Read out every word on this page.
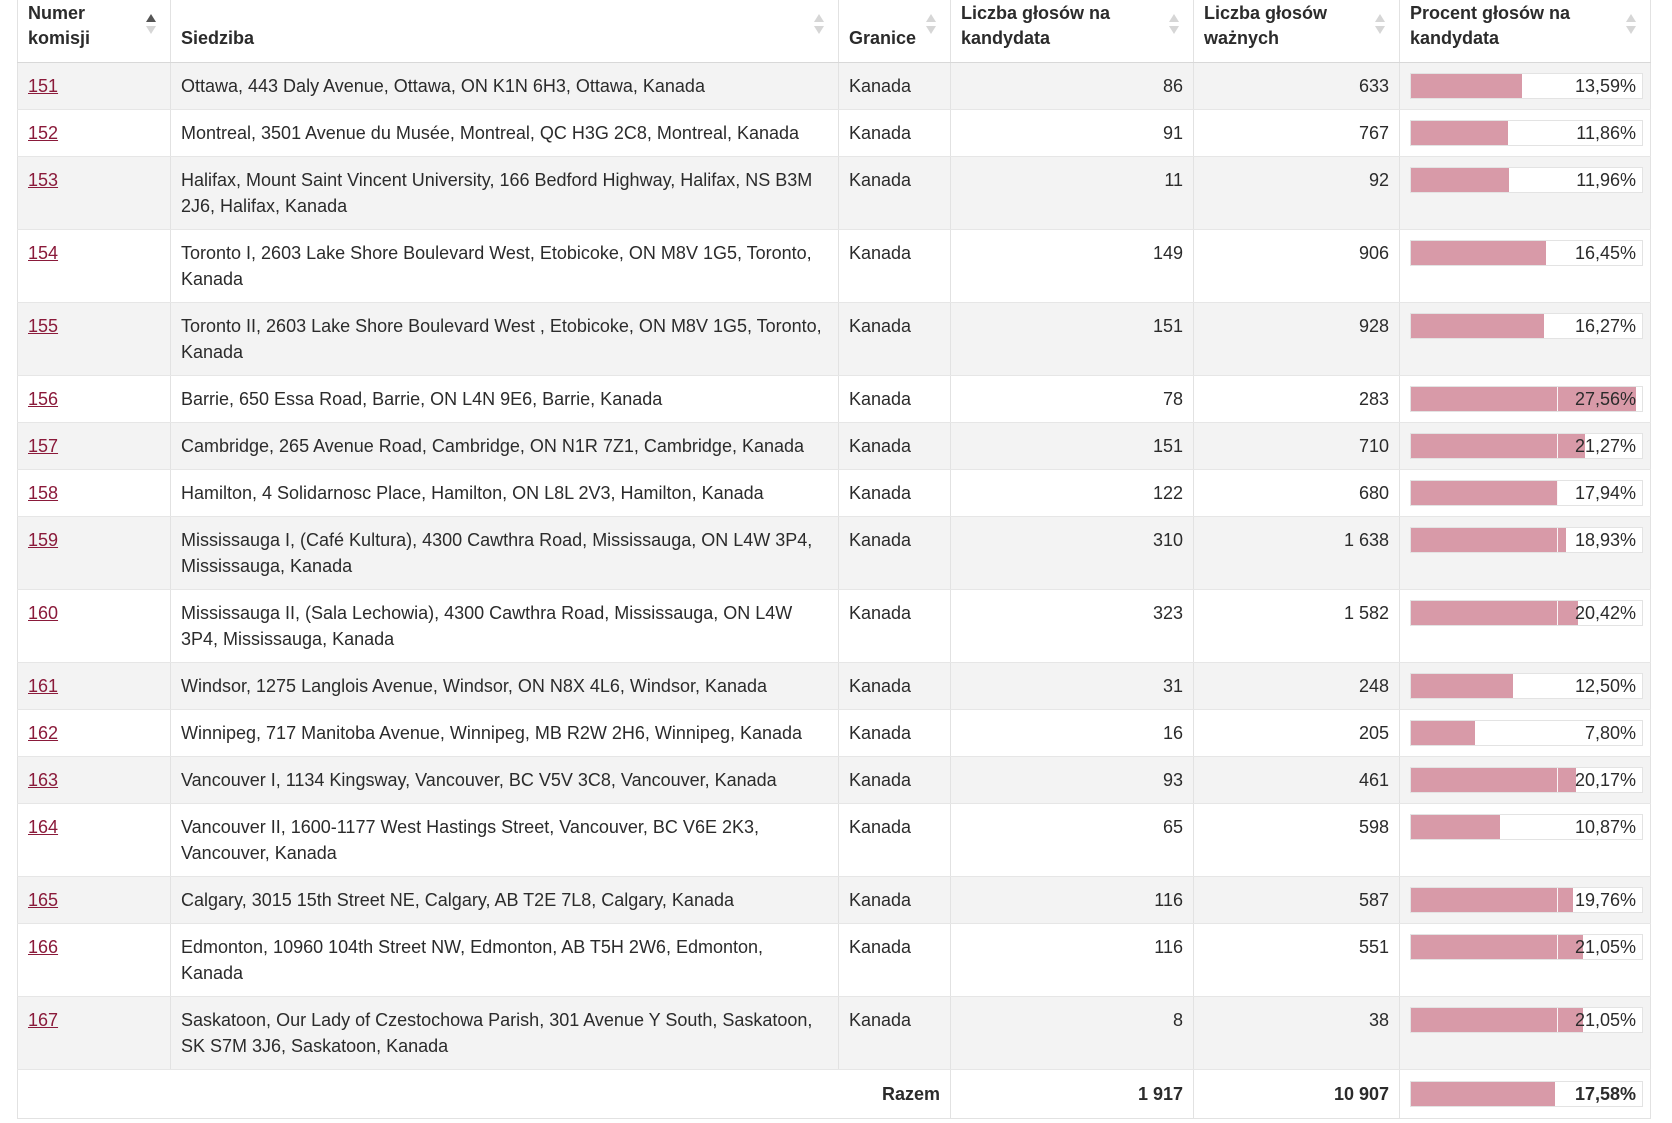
Numer komisji	Siedziba	Granice	Liczba głosów na kandydata	Liczba głosów ważnych	Procent głosów na kandydata

151	Ottawa, 443 Daly Avenue, Ottawa, ON K1N 6H3, Ottawa, Kanada	Kanada	86	633	13,59%

152	Montreal, 3501 Avenue du Musée, Montreal, QC H3G 2C8, Montreal, Kanada	Kanada	91	767	11,86%

153	Halifax, Mount Saint Vincent University, 166 Bedford Highway, Halifax, NS B3M 2J6, Halifax, Kanada	Kanada	11	92	11,96%

154	Toronto I, 2603 Lake Shore Boulevard West, Etobicoke, ON M8V 1G5, Toronto, Kanada	Kanada	149	906	16,45%

155	Toronto II, 2603 Lake Shore Boulevard West , Etobicoke, ON M8V 1G5, Toronto, Kanada	Kanada	151	928	16,27%

156	Barrie, 650 Essa Road, Barrie, ON L4N 9E6, Barrie, Kanada	Kanada	78	283	27,56%

157	Cambridge, 265 Avenue Road, Cambridge, ON N1R 7Z1, Cambridge, Kanada	Kanada	151	710	21,27%

158	Hamilton, 4 Solidarnosc Place, Hamilton, ON L8L 2V3, Hamilton, Kanada	Kanada	122	680	17,94%

159	Mississauga I, (Café Kultura), 4300 Cawthra Road, Mississauga, ON L4W 3P4, Mississauga, Kanada	Kanada	310	1 638	18,93%

160	Mississauga II, (Sala Lechowia), 4300 Cawthra Road, Mississauga, ON L4W 3P4, Mississauga, Kanada	Kanada	323	1 582	20,42%

161	Windsor, 1275 Langlois Avenue, Windsor, ON N8X 4L6, Windsor, Kanada	Kanada	31	248	12,50%

162	Winnipeg, 717 Manitoba Avenue, Winnipeg, MB R2W 2H6, Winnipeg, Kanada	Kanada	16	205	7,80%

163	Vancouver I, 1134 Kingsway, Vancouver, BC V5V 3C8, Vancouver, Kanada	Kanada	93	461	20,17%

164	Vancouver II, 1600-1177 West Hastings Street, Vancouver, BC V6E 2K3, Vancouver, Kanada	Kanada	65	598	10,87%

165	Calgary, 3015 15th Street NE, Calgary, AB T2E 7L8, Calgary, Kanada	Kanada	116	587	19,76%

166	Edmonton, 10960 104th Street NW, Edmonton, AB T5H 2W6, Edmonton, Kanada	Kanada	116	551	21,05%

167	Saskatoon, Our Lady of Czestochowa Parish, 301 Avenue Y South, Saskatoon, SK S7M 3J6, Saskatoon, Kanada	Kanada	8	38	21,05%

Razem			1 917	10 907	17,58%
